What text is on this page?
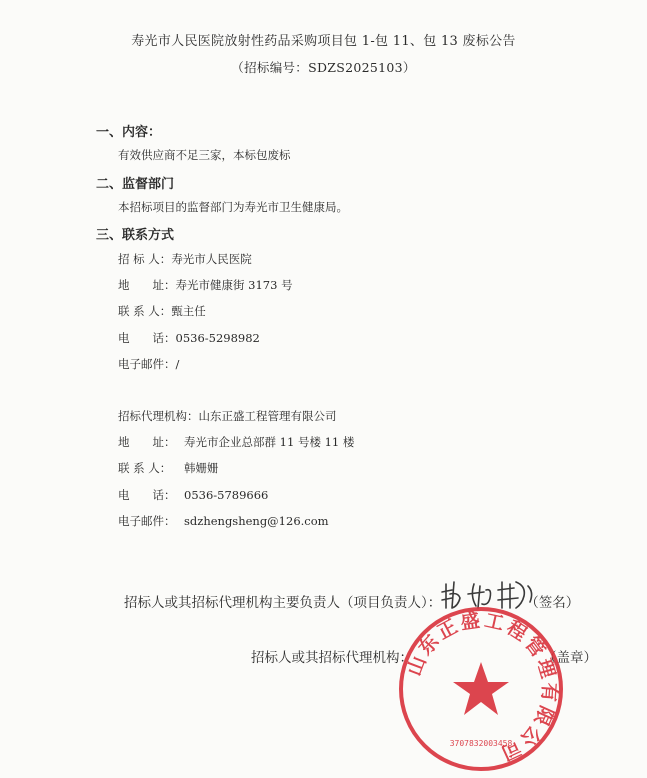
寿光市人民医院放射性药品采购项目包 1-包 11、包 13 废标公告
（招标编号：SDZS2025103）
一、内容：
有效供应商不足三家，本标包废标
二、监督部门
本招标项目的监督部门为寿光市卫生健康局。
三、联系方式
招 标 人：寿光市人民医院
地　　址：寿光市健康街 3173 号
联 系 人：甄主任
电　　话：0536-5298982
电子邮件：/
招标代理机构：山东正盛工程管理有限公司
地　　址： 寿光市企业总部群 11 号楼 11 楼
联 系 人： 韩姗姗
电　　话： 0536-5789666
电子邮件： sdzhengsheng@126.com
招标人或其招标代理机构主要负责人（项目负责人）：	（签名）
招标人或其招标代理机构：	（盖章）
山东正盛工程管理有限公司
3707832003458
